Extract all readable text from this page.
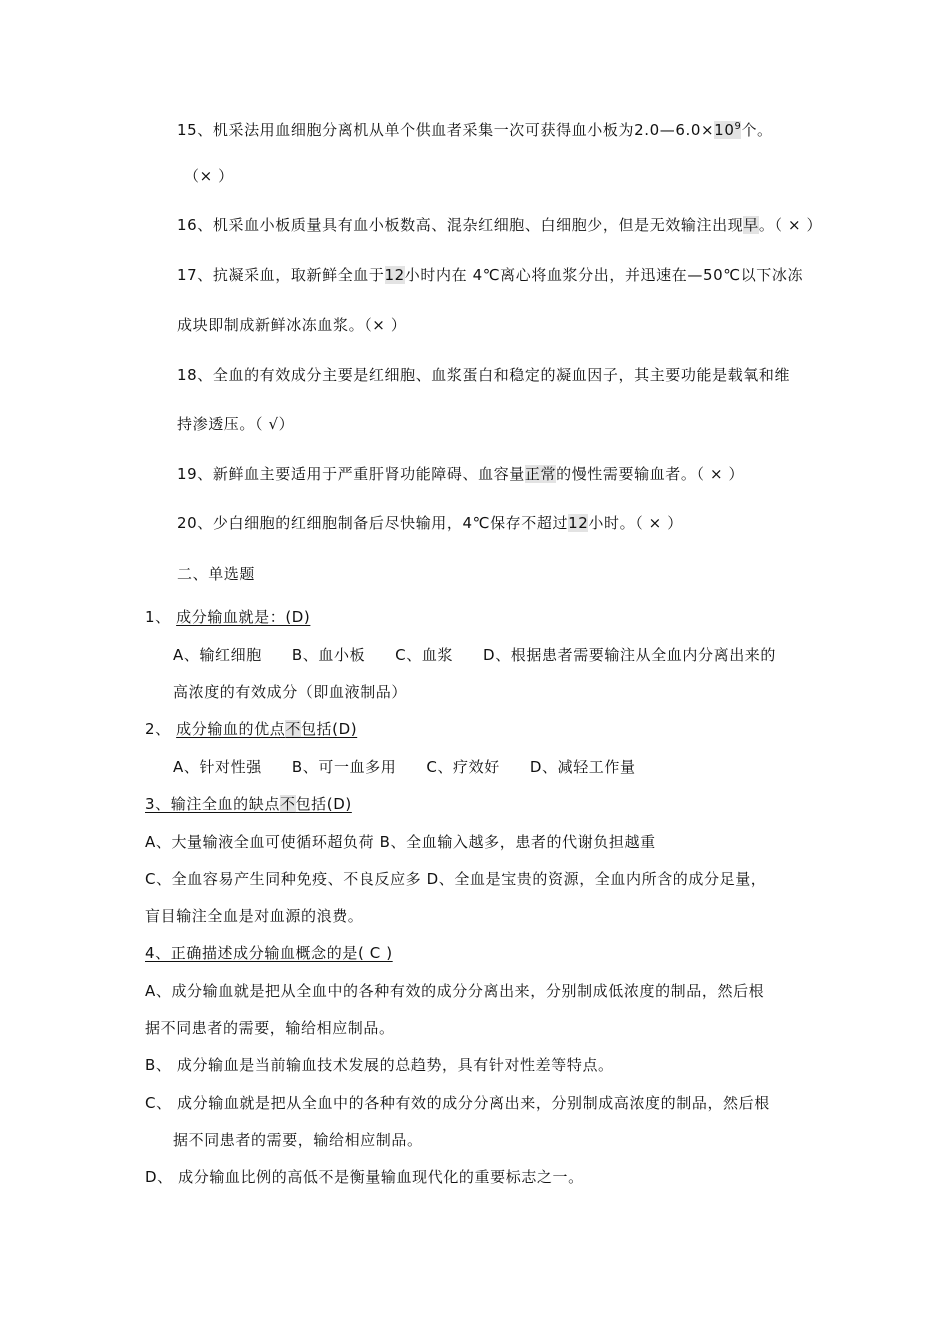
15、机采法用血细胞分离机从单个供血者采集一次可获得血小板为$2.0—6.0\times 10^9$个。
（× ）
16、机采血小板质量具有血小板数高、混杂红细胞、白细胞少，但是无效输注出现早。（ × ）
17、抗凝采血，取新鲜全血于12小时内在 4℃离心将血浆分出，并迅速在—50℃以下冰冻
成块即制成新鲜冰冻血浆。（× ）
18、全血的有效成分主要是红细胞、血浆蛋白和稳定的凝血因子，其主要功能是载氧和维
持渗透压。（ √）
19、新鲜血主要适用于严重肝肾功能障碍、血容量正常的慢性需要输血者。（ × ）
20、少白细胞的红细胞制备后尽快输用，4℃保存不超过12小时。（ × ）
二、单选题
1、 成分输血就是：(D)
A、输红细胞 B、血小板 C、血浆 D、根据患者需要输注从全血内分离出来的
高浓度的有效成分（即血液制品）
2、 成分输血的优点不包括(D)
A、针对性强 B、可一血多用 C、疗效好 D、减轻工作量
3、输注全血的缺点不包括(D)
A、大量输液全血可使循环超负荷 B、全血输入越多，患者的代谢负担越重
C、全血容易产生同种免疫、不良反应多 D、全血是宝贵的资源，全血内所含的成分足量，
盲目输注全血是对血源的浪费。
4、正确描述成分输血概念的是( C )
A、成分输血就是把从全血中的各种有效的成分分离出来，分别制成低浓度的制品，然后根
据不同患者的需要，输给相应制品。
B、 成分输血是当前输血技术发展的总趋势，具有针对性差等特点。
C、 成分输血就是把从全血中的各种有效的成分分离出来，分别制成高浓度的制品，然后根
据不同患者的需要，输给相应制品。
D、 成分输血比例的高低不是衡量输血现代化的重要标志之一。
